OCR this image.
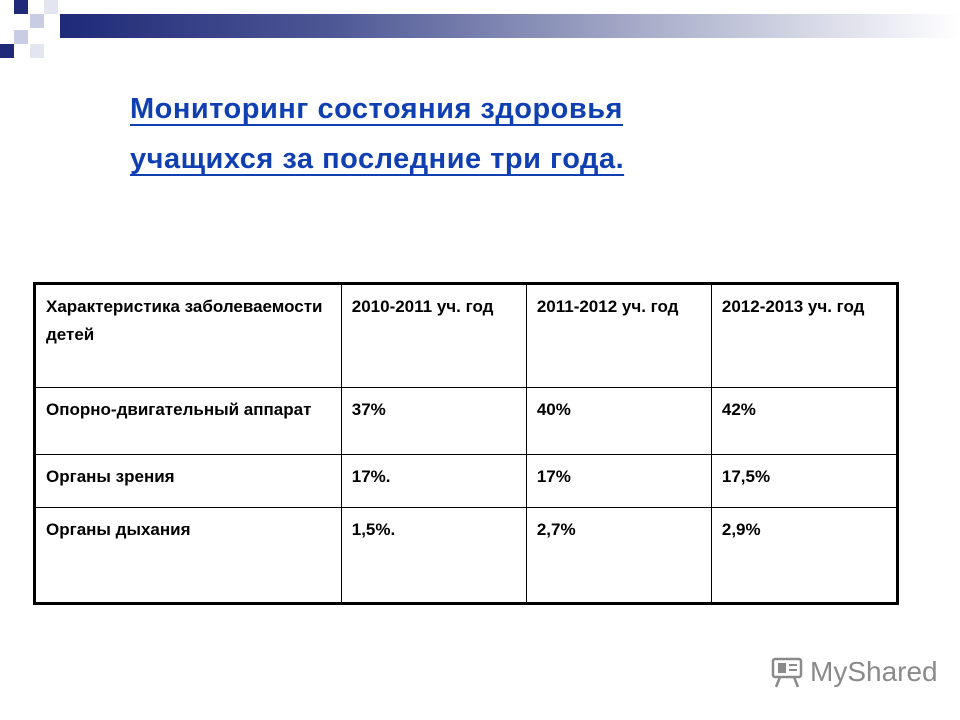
Мониторинг состояния здоровья
учащихся за последние три года.
Характеристика заболеваемости детей	2010-2011 уч. год	2011-2012 уч. год	2012-2013 уч. год
Опорно-двигательный аппарат	37%	40%	42%
Органы зрения	17%.	17%	17,5%
Органы дыхания	1,5%.	2,7%	2,9%
MyShared
